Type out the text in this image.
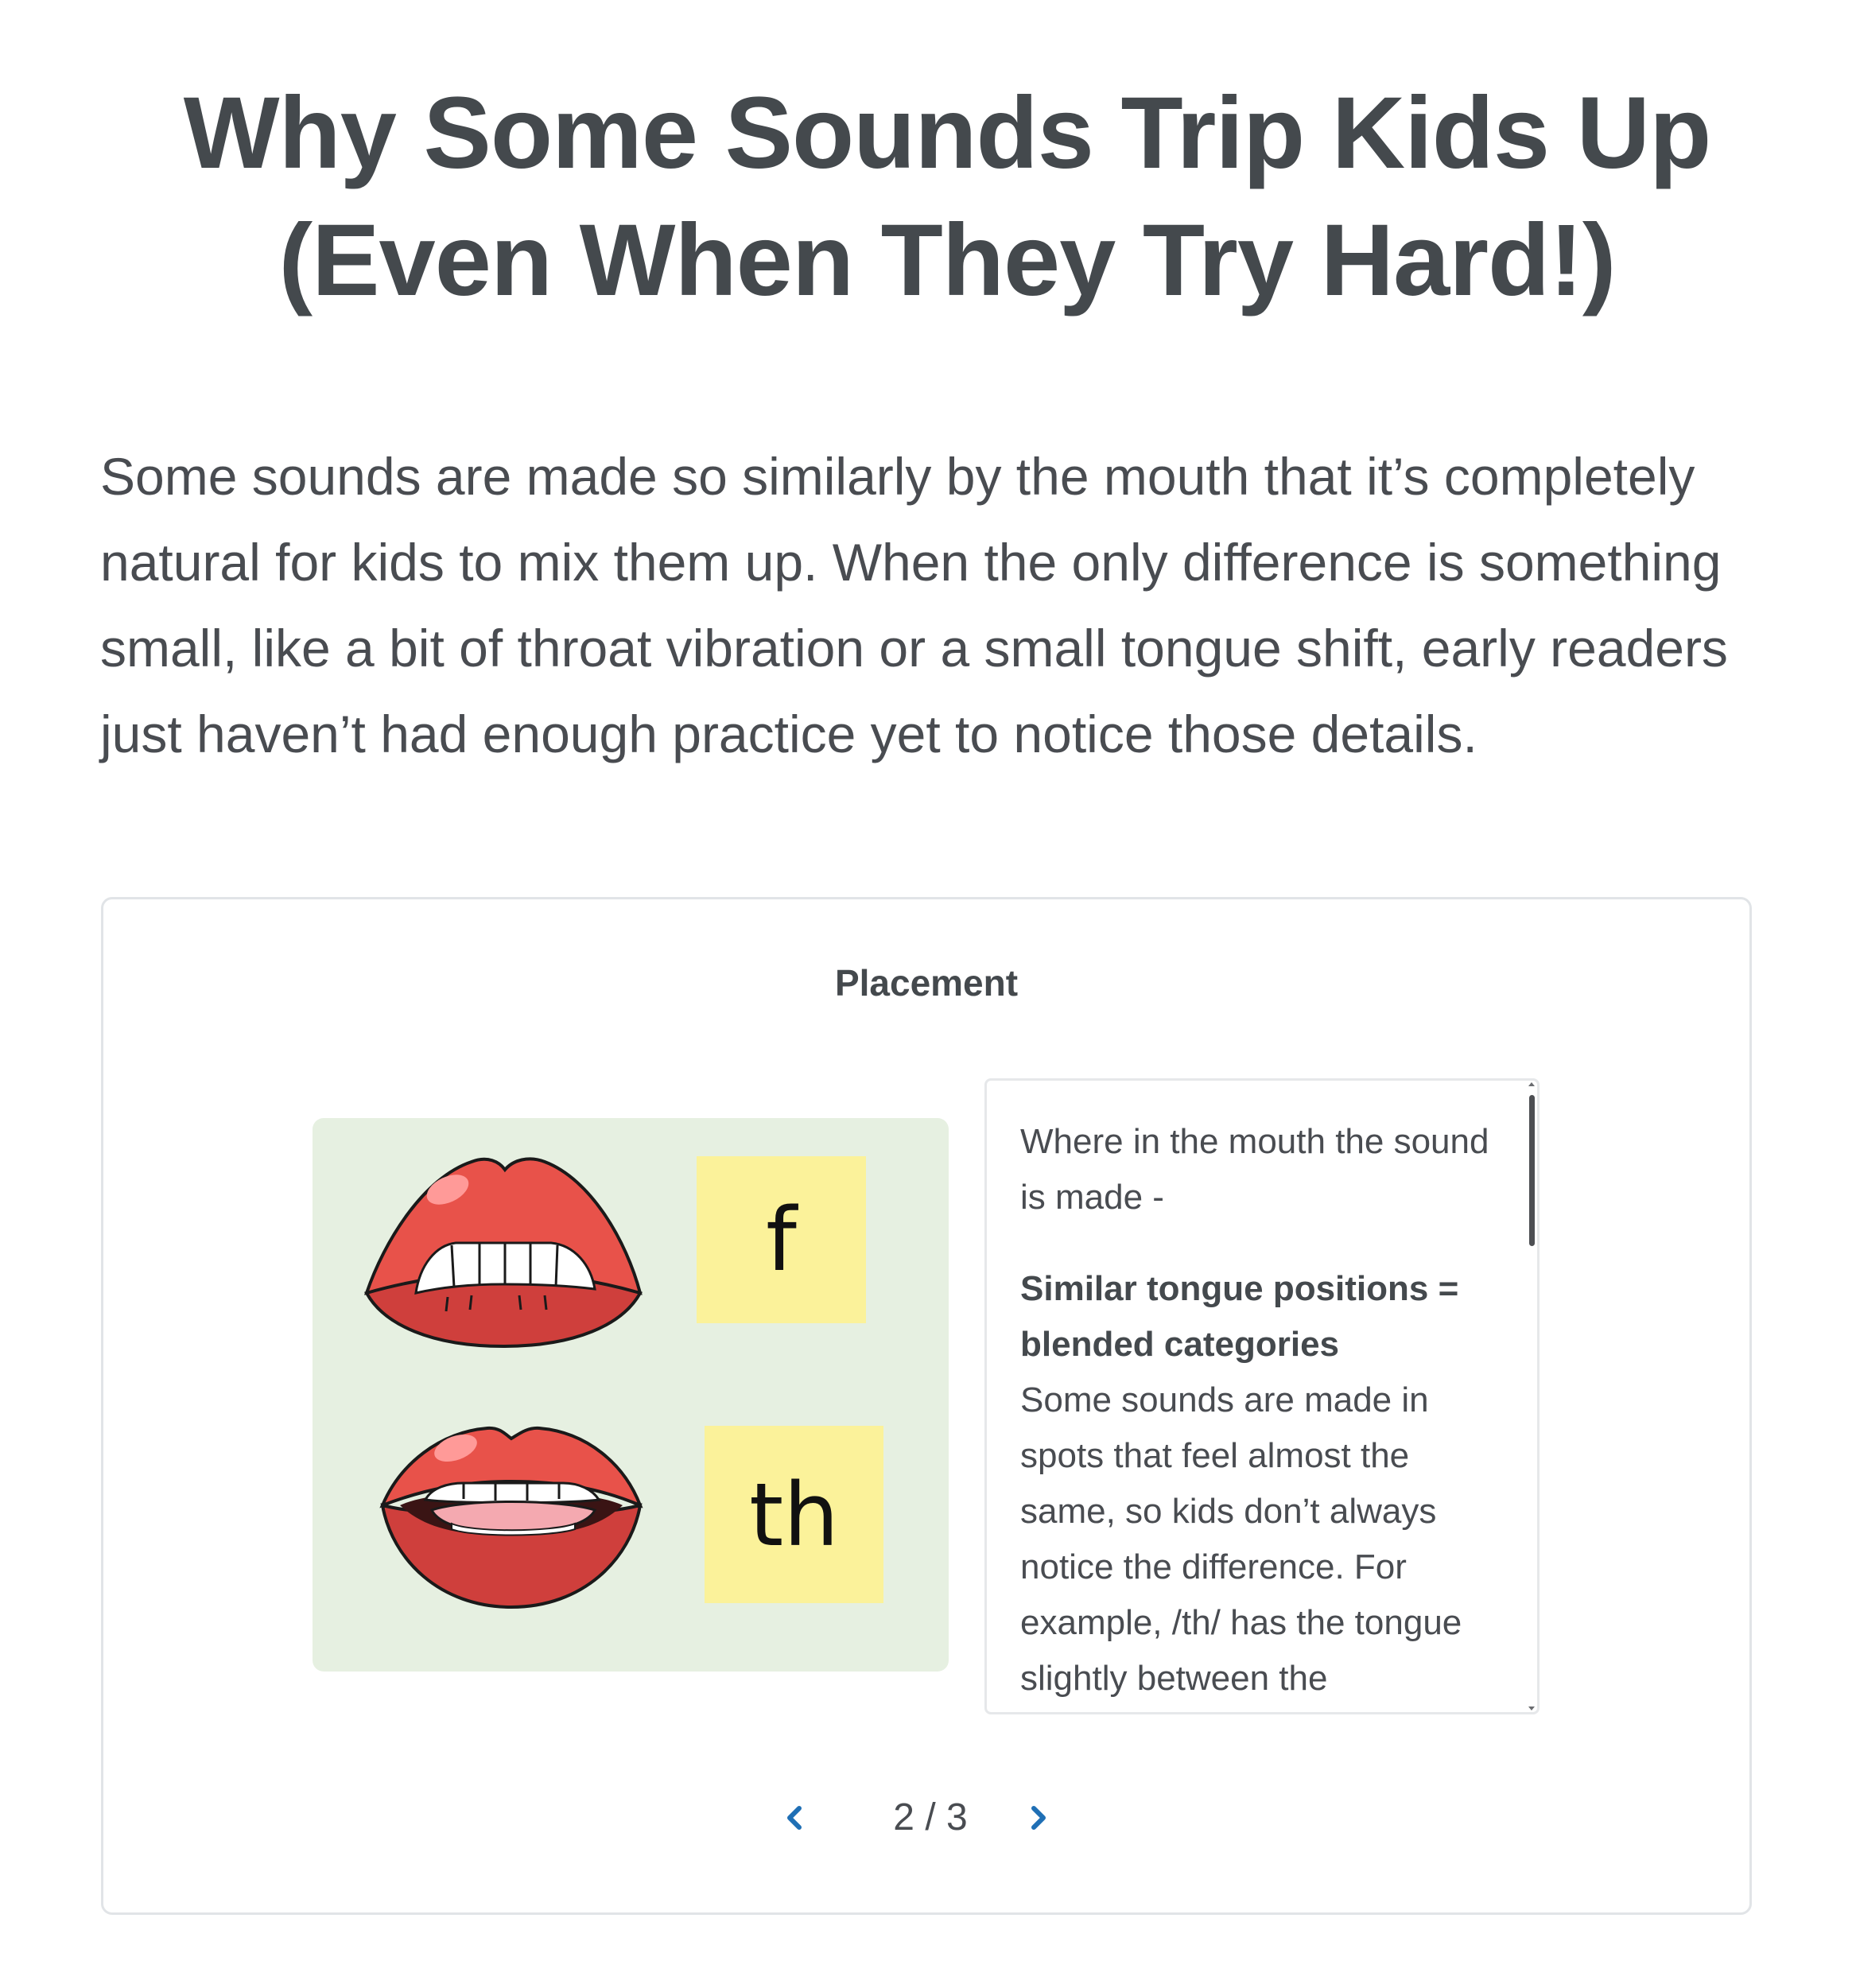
Why Some Sounds Trip Kids Up
(Even When They Try Hard!)

Some sounds are made so similarly by the mouth that it’s completely natural for kids to mix them up. When the only difference is something small, like a bit of throat vibration or a small tongue shift, early readers just haven’t had enough practice yet to notice those details.

Placement
f
th

Where in the mouth the sound is made -

Similar tongue positions = blended categories

Some sounds are made in spots that feel almost the same, so kids don’t always notice the difference. For example, /th/ has the tongue slightly between the

2 / 3
